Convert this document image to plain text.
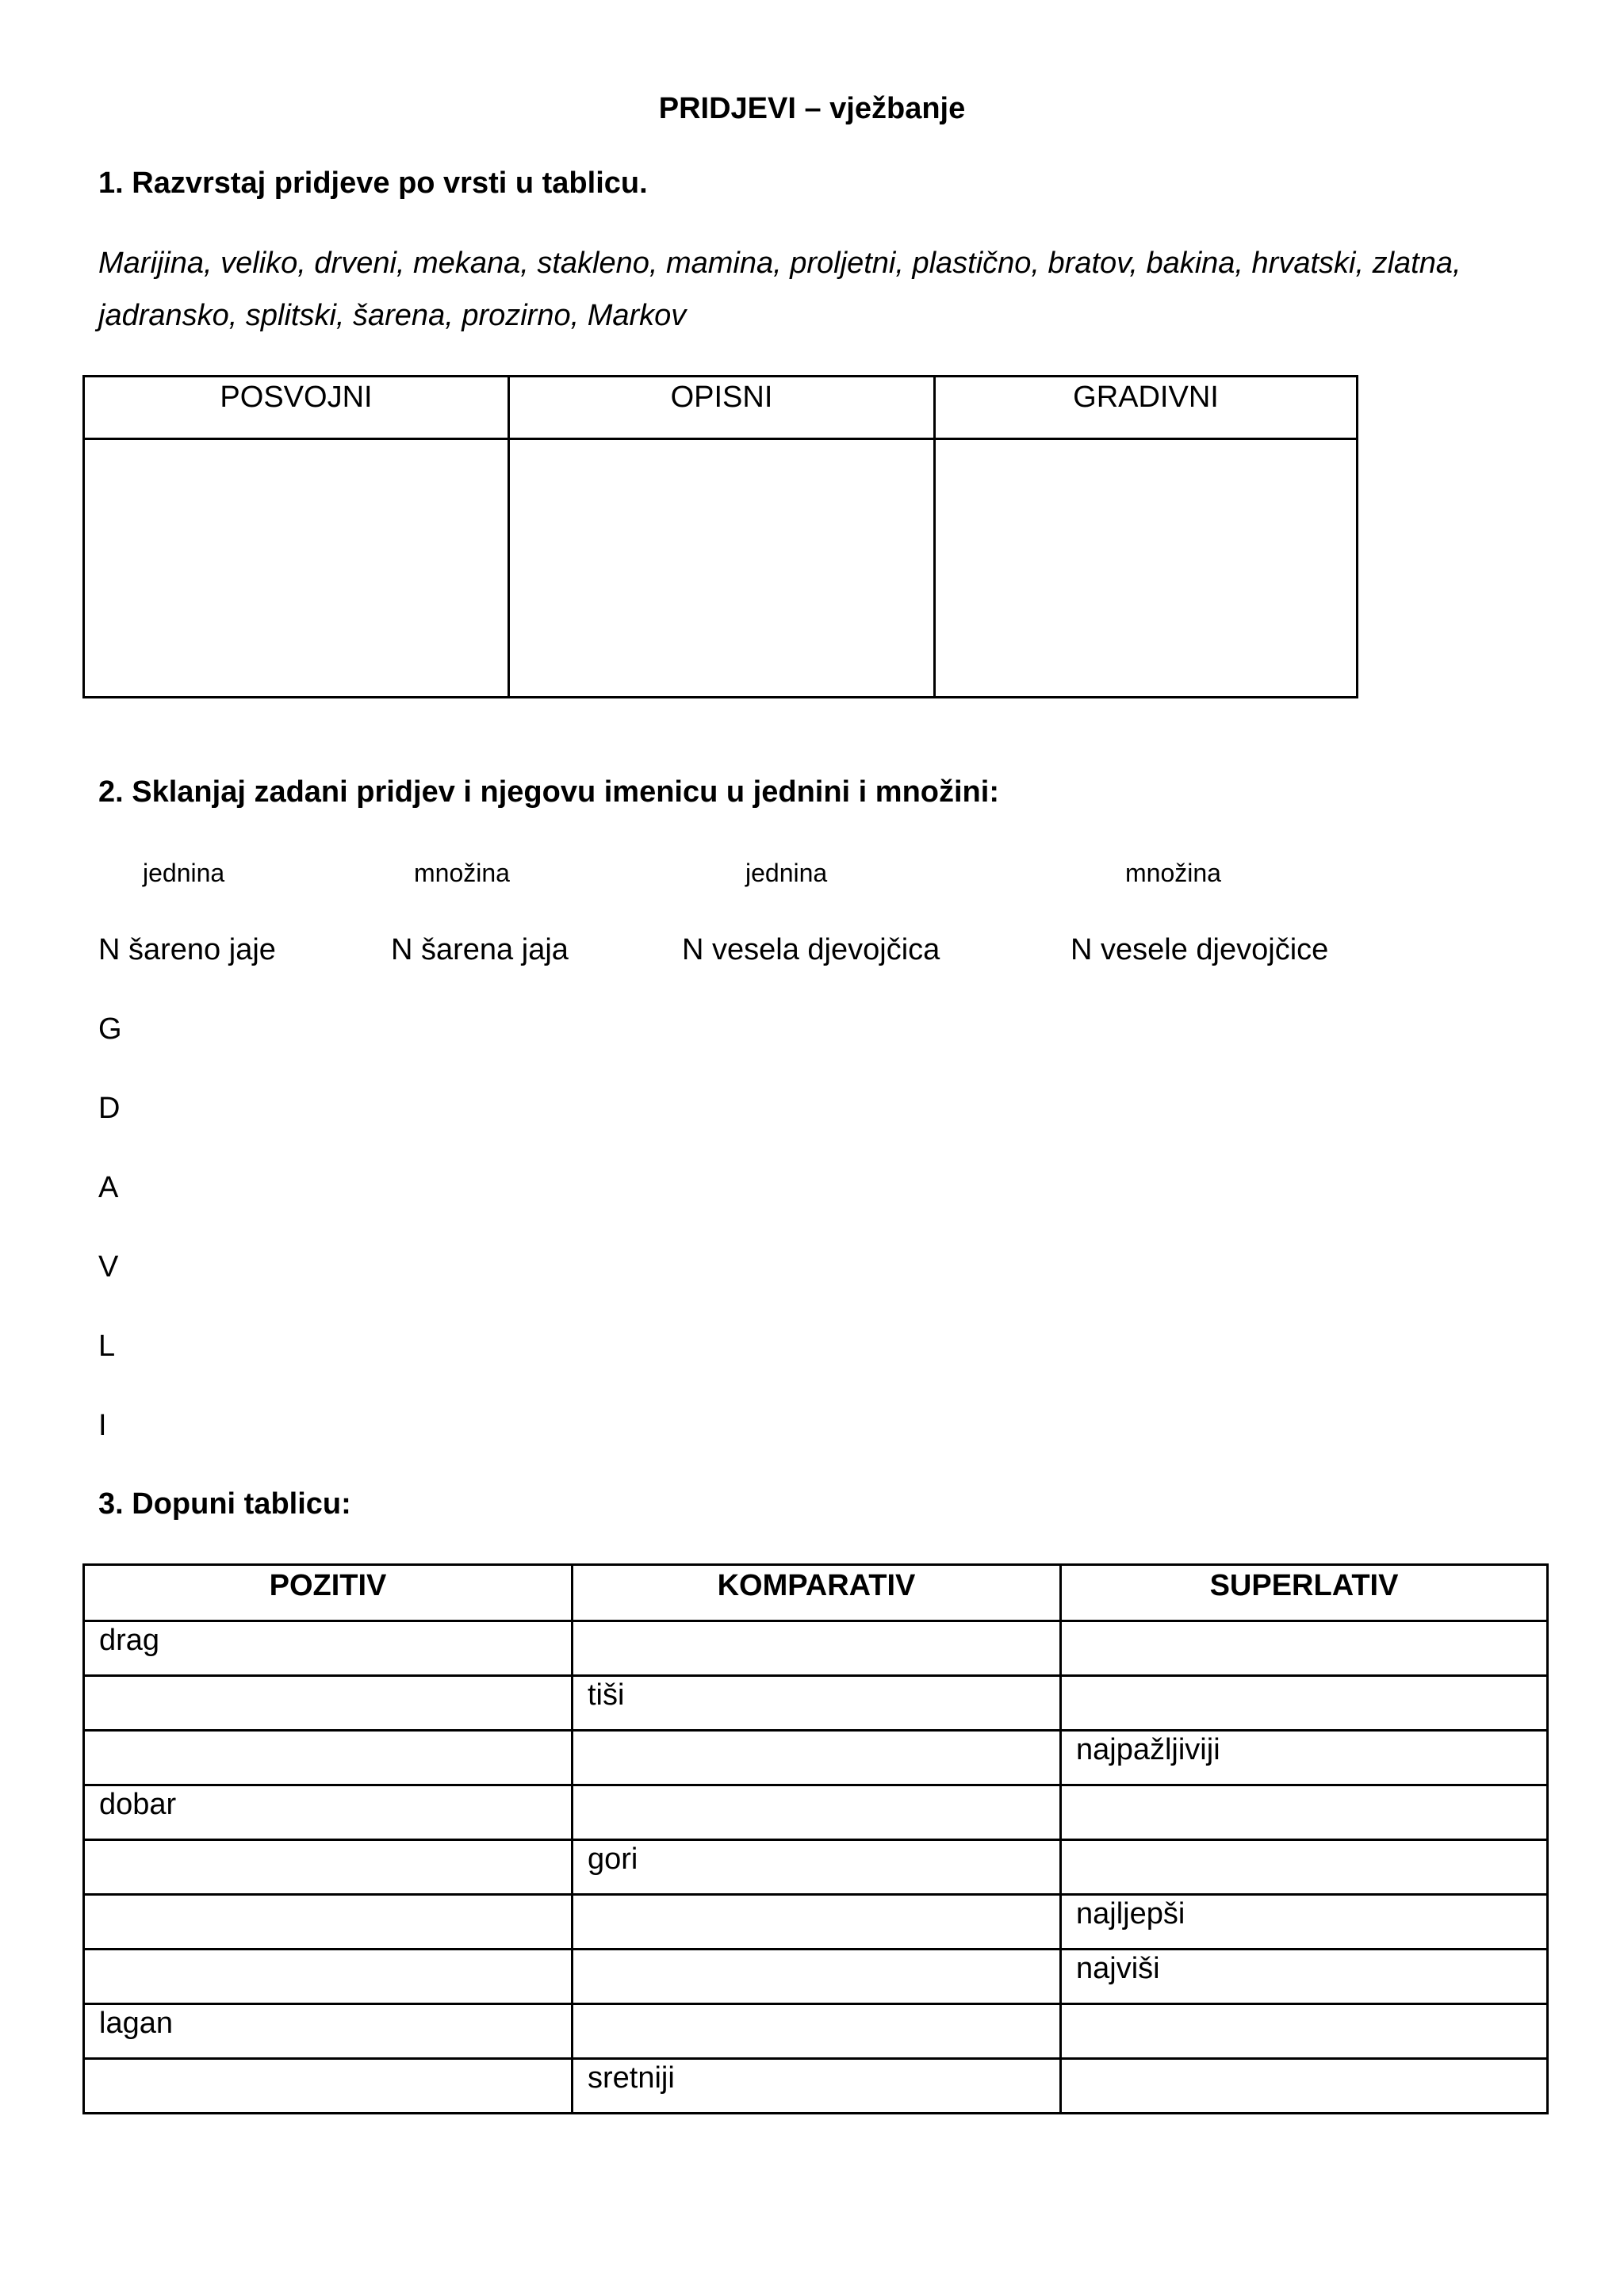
PRIDJEVI – vježbanje
1. Razvrstaj pridjeve po vrsti u tablicu.
Marijina, veliko, drveni, mekana, stakleno, mamina, proljetni, plastično, bratov, bakina, hrvatski, zlatna, jadransko, splitski, šarena, prozirno, Markov
POSVOJNI	OPISNI	GRADIVNI

2. Sklanjaj zadani pridjev i njegovu imenicu u jednini i množini:
jednina	množina	jednina	množina
N šareno jaje	N šarena jaja	N vesela djevojčica	N vesele djevojčice
G
D
A
V
L
I
3. Dopuni tablicu:
POZITIV	KOMPARATIV	SUPERLATIV
drag		
	tiši	
		najpažljiviji
dobar		
	gori	
		najljepši
		najviši
lagan		
	sretniji	
